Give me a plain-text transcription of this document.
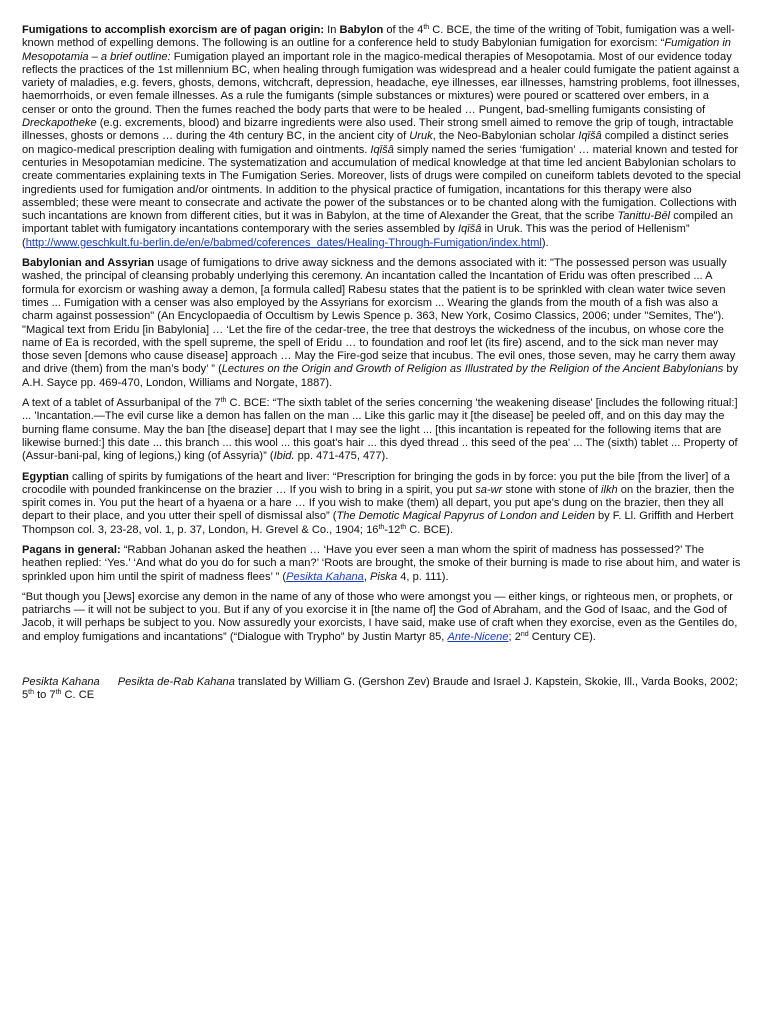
Fumigations to accomplish exorcism are of pagan origin: In Babylon of the 4th C. BCE, the time of the writing of Tobit, fumigation was a well-known method of expelling demons. The following is an outline for a conference held to study Babylonian fumigation for exorcism: “Fumigation in Mesopotamia – a brief outline: Fumigation played an important role in the magico-medical therapies of Mesopotamia. Most of our evidence today reflects the practices of the 1st millennium BC, when healing through fumigation was widespread and a healer could fumigate the patient against a variety of maladies, e.g. fevers, ghosts, demons, witchcraft, depression, headache, eye illnesses, ear illnesses, hamstring problems, foot illnesses, haemorrhoids, or even female illnesses. As a rule the fumigants (simple substances or mixtures) were poured or scattered over embers, in a censer or onto the ground. Then the fumes reached the body parts that were to be healed … Pungent, bad-smelling fumigants consisting of Dreckapotheke (e.g. excrements, blood) and bizarre ingredients were also used. Their strong smell aimed to remove the grip of tough, intractable illnesses, ghosts or demons … during the 4th century BC, in the ancient city of Uruk, the Neo-Babylonian scholar Iqīšâ compiled a distinct series on magico-medical prescription dealing with fumigation and ointments. Iqīšâ simply named the series ‘fumigation’ … material known and tested for centuries in Mesopotamian medicine. The systematization and accumulation of medical knowledge at that time led ancient Babylonian scholars to create commentaries explaining texts in The Fumigation Series. Moreover, lists of drugs were compiled on cuneiform tablets devoted to the special ingredients used for fumigation and/or ointments. In addition to the physical practice of fumigation, incantations for this therapy were also assembled; these were meant to consecrate and activate the power of the substances or to be chanted along with the fumigation. Collections with such incantations are known from different cities, but it was in Babylon, at the time of Alexander the Great, that the scribe Tanittu-Bēl compiled an important tablet with fumigatory incantations contemporary with the series assembled by Iqīšâ in Uruk. This was the period of Hellenism” (http://www.geschkult.fu-berlin.de/en/e/babmed/coferences_dates/Healing-Through-Fumigation/index.html).

Babylonian and Assyrian usage of fumigations to drive away sickness and the demons associated with it: "The possessed person was usually washed, the principal of cleansing probably underlying this ceremony. An incantation called the Incantation of Eridu was often prescribed ... A formula for exorcism or washing away a demon, [a formula called] Rabesu states that the patient is to be sprinkled with clean water twice seven times ... Fumigation with a censer was also employed by the Assyrians for exorcism ... Wearing the glands from the mouth of a fish was also a charm against possession" (An Encyclopaedia of Occultism by Lewis Spence p. 363, New York, Cosimo Classics, 2006; under "Semites, The"). "Magical text from Eridu [in Babylonia] … ‘Let the fire of the cedar-tree, the tree that destroys the wickedness of the incubus, on whose core the name of Ea is recorded, with the spell supreme, the spell of Eridu … to foundation and roof let (its fire) ascend, and to the sick man never may those seven [demons who cause disease] approach … May the Fire-god seize that incubus. The evil ones, those seven, may he carry them away and drive (them) from the man’s body’ ” (Lectures on the Origin and Growth of Religion as Illustrated by the Religion of the Ancient Babylonians by A.H. Sayce pp. 469-470, London, Williams and Norgate, 1887).

A text of a tablet of Assurbanipal of the 7th C. BCE: “The sixth tablet of the series concerning 'the weakening disease' [includes the following ritual:] ... 'Incantation.—The evil curse like a demon has fallen on the man ... Like this garlic may it [the disease] be peeled off, and on this day may the burning flame consume. May the ban [the disease] depart that I may see the light ... [this incantation is repeated for the following items that are likewise burned:] this date ... this branch ... this wool ... this goat's hair ... this dyed thread .. this seed of the pea' ... The (sixth) tablet ... Property of (Assur-bani-pal, king of legions,) king (of Assyria)” (Ibid. pp. 471-475, 477).

Egyptian calling of spirits by fumigations of the heart and liver: “Prescription for bringing the gods in by force: you put the bile [from the liver] of a crocodile with pounded frankincense on the brazier … If you wish to bring in a spirit, you put sa-wr stone with stone of ilkh on the brazier, then the spirit comes in. You put the heart of a hyaena or a hare … If you wish to make (them) all depart, you put ape's dung on the brazier, then they all depart to their place, and you utter their spell of dismissal also” (The Demotic Magical Papyrus of London and Leiden by F. Ll. Griffith and Herbert Thompson col. 3, 23-28, vol. 1, p. 37, London, H. Grevel & Co., 1904; 16th-12th C. BCE).

Pagans in general: “Rabban Johanan asked the heathen … ‘Have you ever seen a man whom the spirit of madness has possessed?’ The heathen replied: ‘Yes.’ ‘And what do you do for such a man?’ ‘Roots are brought, the smoke of their burning is made to rise about him, and water is sprinkled upon him until the spirit of madness flees’ ” (Pesikta Kahana, Piska 4, p. 111).

“But though you [Jews] exorcise any demon in the name of any of those who were amongst you — either kings, or righteous men, or prophets, or patriarchs — it will not be subject to you. But if any of you exorcise it in [the name of] the God of Abraham, and the God of Isaac, and the God of Jacob, it will perhaps be subject to you. Now assuredly your exorcists, I have said, make use of craft when they exorcise, even as the Gentiles do, and employ fumigations and incantations” (“Dialogue with Trypho” by Justin Martyr 85, Ante-Nicene; 2nd Century CE).

Pesikta Kahana Pesikta de-Rab Kahana translated by William G. (Gershon Zev) Braude and Israel J. Kapstein, Skokie, Ill., Varda Books, 2002; 5th to 7th C. CE
